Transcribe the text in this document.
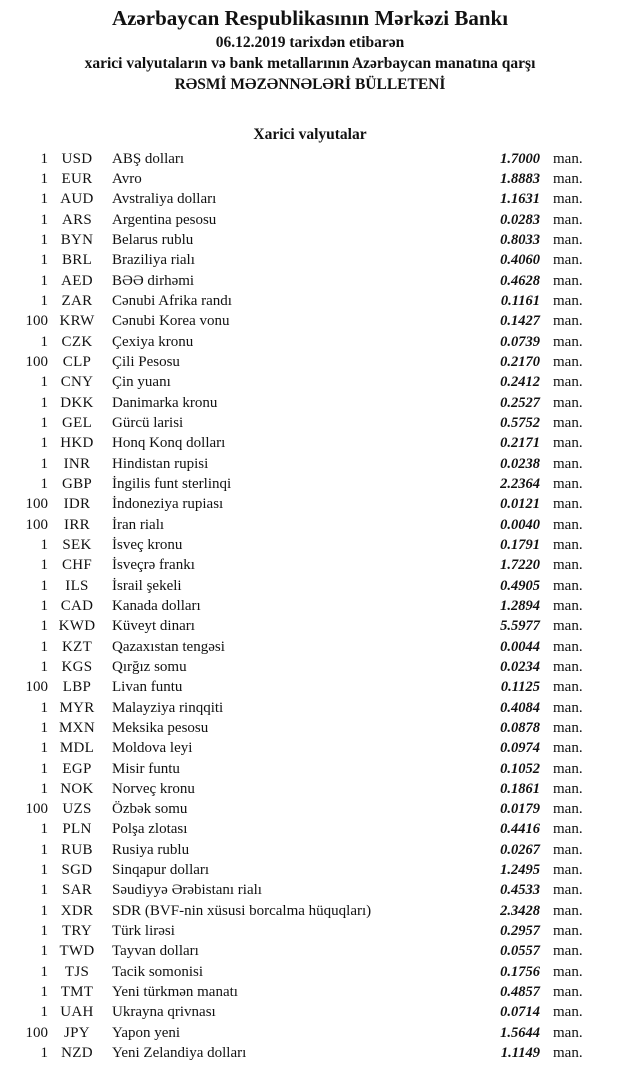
Azərbaycan Respublikasının Mərkəzi Bankı

06.12.2019 tarixdən etibarən

xarici valyutaların və bank metallarının Azərbaycan manatına qarşı

RƏSMİ MƏZƏNNƏLƏRİ BÜLLETENİ

Xarici valyutalar
1 USD	ABŞ dolları	1.7000 man.
1 EUR	Avro	1.8883 man.
1 AUD	Avstraliya dolları	1.1631 man.
1 ARS	Argentina pesosu	0.0283 man.
1 BYN	Belarus rublu	0.8033 man.
1 BRL	Braziliya rialı	0.4060 man.
1 AED	BƏƏ dirhəmi	0.4628 man.
1 ZAR	Cənubi Afrika randı	0.1161 man.
100 KRW	Cənubi Korea vonu	0.1427 man.
1 CZK	Çexiya kronu	0.0739 man.
100 CLP	Çili Pesosu	0.2170 man.
1 CNY	Çin yuanı	0.2412 man.
1 DKK	Danimarka kronu	0.2527 man.
1 GEL	Gürcü larisi	0.5752 man.
1 HKD	Honq Konq dolları	0.2171 man.
1	INR	Hindistan rupisi	0.0238 man.
1 GBP	İngilis funt sterlinqi	2.2364 man.
100	IDR	İndoneziya rupiası	0.0121 man.
100	IRR	İran rialı	0.0040 man.
1 SEK	İsveç kronu	0.1791 man.
1 CHF	İsveçrə frankı	1.7220 man.
1	ILS	İsrail şekeli	0.4905 man.
1 CAD	Kanada dolları	1.2894 man.
1 KWD	Küveyt dinarı	5.5977 man.
1 KZT	Qazaxıstan tengəsi	0.0044 man.
1 KGS	Qırğız somu	0.0234 man.
100 LBP	Livan funtu	0.1125 man.
1 MYR	Malayziya rinqqiti	0.4084 man.
1 MXN	Meksika pesosu	0.0878 man.
1 MDL	Moldova leyi	0.0974 man.
1 EGP	Misir funtu	0.1052 man.
1 NOK	Norveç kronu	0.1861 man.
100 UZS	Özbək somu	0.0179 man.
1 PLN	Polşa zlotası	0.4416 man.
1 RUB	Rusiya rublu	0.0267 man.
1 SGD	Sinqapur dolları	1.2495 man.
1 SAR	Səudiyyə Ərəbistanı rialı	0.4533 man.
1 XDR	SDR (BVF-nin xüsusi borcalma hüquqları)	2.3428 man.
1 TRY	Türk lirəsi	0.2957 man.
1 TWD	Tayvan dolları	0.0557 man.
1	TJS	Tacik somonisi	0.1756 man.
1 TMT	Yeni türkmən manatı	0.4857 man.
1 UAH	Ukrayna qrivnası	0.0714 man.
100	JPY	Yapon yeni	1.5644 man.
1 NZD	Yeni Zelandiya dolları	1.1149 man.
